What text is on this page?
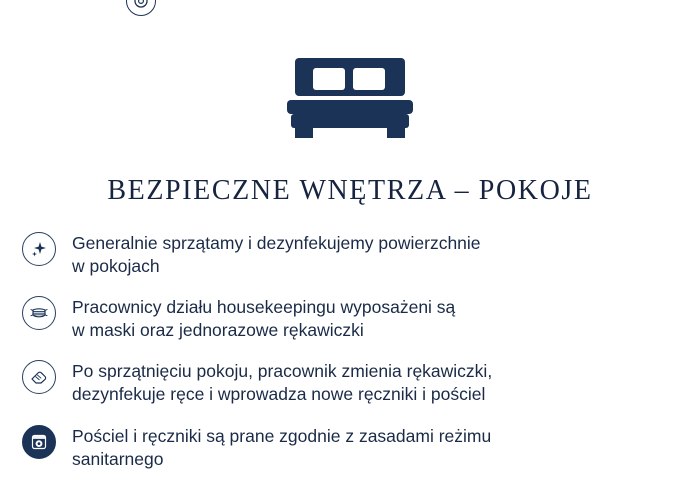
BEZPIECZNE WNĘTRZA – POKOJE
Generalnie sprzątamy i dezynfekujemy powierzchnie
w pokojach
Pracownicy działu housekeepingu wyposażeni są
w maski oraz jednorazowe rękawiczki
Po sprzątnięciu pokoju, pracownik zmienia rękawiczki,
dezynfekuje ręce i wprowadza nowe ręczniki i pościel
Pościel i ręczniki są prane zgodnie z zasadami reżimu
sanitarnego
